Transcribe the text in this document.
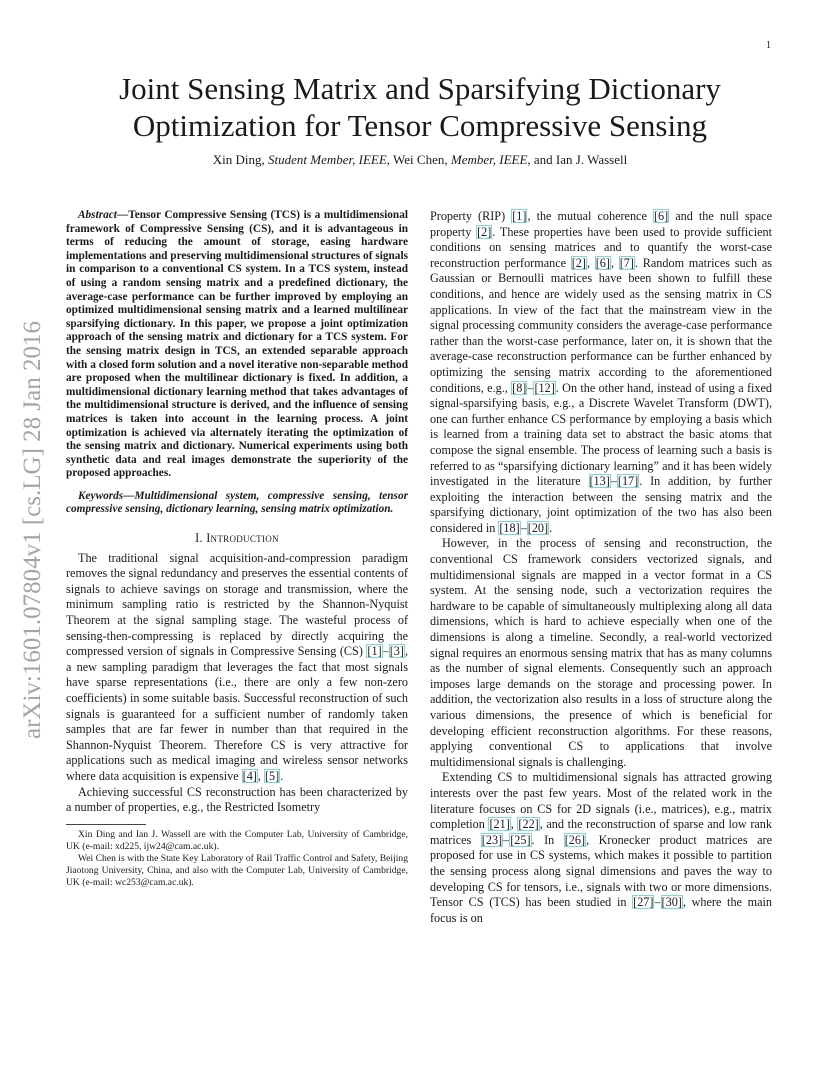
1
arXiv:1601.07804v1 [cs.LG] 28 Jan 2016
Joint Sensing Matrix and Sparsifying Dictionary Optimization for Tensor Compressive Sensing
Xin Ding, Student Member, IEEE, Wei Chen, Member, IEEE, and Ian J. Wassell

Abstract—Tensor Compressive Sensing (TCS) is a multidimensional framework of Compressive Sensing (CS), and it is advantageous in terms of reducing the amount of storage, easing hardware implementations and preserving multidimensional structures of signals in comparison to a conventional CS system. In a TCS system, instead of using a random sensing matrix and a predefined dictionary, the average-case performance can be further improved by employing an optimized multidimensional sensing matrix and a learned multilinear sparsifying dictionary. In this paper, we propose a joint optimization approach of the sensing matrix and dictionary for a TCS system. For the sensing matrix design in TCS, an extended separable approach with a closed form solution and a novel iterative non-separable method are proposed when the multilinear dictionary is fixed. In addition, a multidimensional dictionary learning method that takes advantages of the multidimensional structure is derived, and the influence of sensing matrices is taken into account in the learning process. A joint optimization is achieved via alternately iterating the optimization of the sensing matrix and dictionary. Numerical experiments using both synthetic data and real images demonstrate the superiority of the proposed approaches.

Keywords—Multidimensional system, compressive sensing, tensor compressive sensing, dictionary learning, sensing matrix optimization.

I. Introduction

The traditional signal acquisition-and-compression paradigm removes the signal redundancy and preserves the essential contents of signals to achieve savings on storage and transmission, where the minimum sampling ratio is restricted by the Shannon-Nyquist Theorem at the signal sampling stage. The wasteful process of sensing-then-compressing is replaced by directly acquiring the compressed version of signals in Compressive Sensing (CS) [1]–[3], a new sampling paradigm that leverages the fact that most signals have sparse representations (i.e., there are only a few non-zero coefficients) in some suitable basis. Successful reconstruction of such signals is guaranteed for a sufficient number of randomly taken samples that are far fewer in number than that required in the Shannon-Nyquist Theorem. Therefore CS is very attractive for applications such as medical imaging and wireless sensor networks where data acquisition is expensive [4], [5].

Achieving successful CS reconstruction has been characterized by a number of properties, e.g., the Restricted Isometry

Xin Ding and Ian J. Wassell are with the Computer Lab, University of Cambridge, UK (e-mail: xd225, ijw24@cam.ac.uk).

Wei Chen is with the State Key Laboratory of Rail Traffic Control and Safety, Beijing Jiaotong University, China, and also with the Computer Lab, University of Cambridge, UK (e-mail: wc253@cam.ac.uk).

Property (RIP) [1], the mutual coherence [6] and the null space property [2]. These properties have been used to provide sufficient conditions on sensing matrices and to quantify the worst-case reconstruction performance [2], [6], [7]. Random matrices such as Gaussian or Bernoulli matrices have been shown to fulfill these conditions, and hence are widely used as the sensing matrix in CS applications. In view of the fact that the mainstream view in the signal processing community considers the average-case performance rather than the worst-case performance, later on, it is shown that the average-case reconstruction performance can be further enhanced by optimizing the sensing matrix according to the aforementioned conditions, e.g., [8]–[12]. On the other hand, instead of using a fixed signal-sparsifying basis, e.g., a Discrete Wavelet Transform (DWT), one can further enhance CS performance by employing a basis which is learned from a training data set to abstract the basic atoms that compose the signal ensemble. The process of learning such a basis is referred to as “sparsifying dictionary learning” and it has been widely investigated in the literature [13]–[17]. In addition, by further exploiting the interaction between the sensing matrix and the sparsifying dictionary, joint optimization of the two has also been considered in [18]–[20].

However, in the process of sensing and reconstruction, the conventional CS framework considers vectorized signals, and multidimensional signals are mapped in a vector format in a CS system. At the sensing node, such a vectorization requires the hardware to be capable of simultaneously multiplexing along all data dimensions, which is hard to achieve especially when one of the dimensions is along a timeline. Secondly, a real-world vectorized signal requires an enormous sensing matrix that has as many columns as the number of signal elements. Consequently such an approach imposes large demands on the storage and processing power. In addition, the vectorization also results in a loss of structure along the various dimensions, the presence of which is beneficial for developing efficient reconstruction algorithms. For these reasons, applying conventional CS to applications that involve multidimensional signals is challenging.

Extending CS to multidimensional signals has attracted growing interests over the past few years. Most of the related work in the literature focuses on CS for 2D signals (i.e., matrices), e.g., matrix completion [21], [22], and the reconstruction of sparse and low rank matrices [23]–[25]. In [26], Kronecker product matrices are proposed for use in CS systems, which makes it possible to partition the sensing process along signal dimensions and paves the way to developing CS for tensors, i.e., signals with two or more dimensions. Tensor CS (TCS) has been studied in [27]–[30], where the main focus is on
